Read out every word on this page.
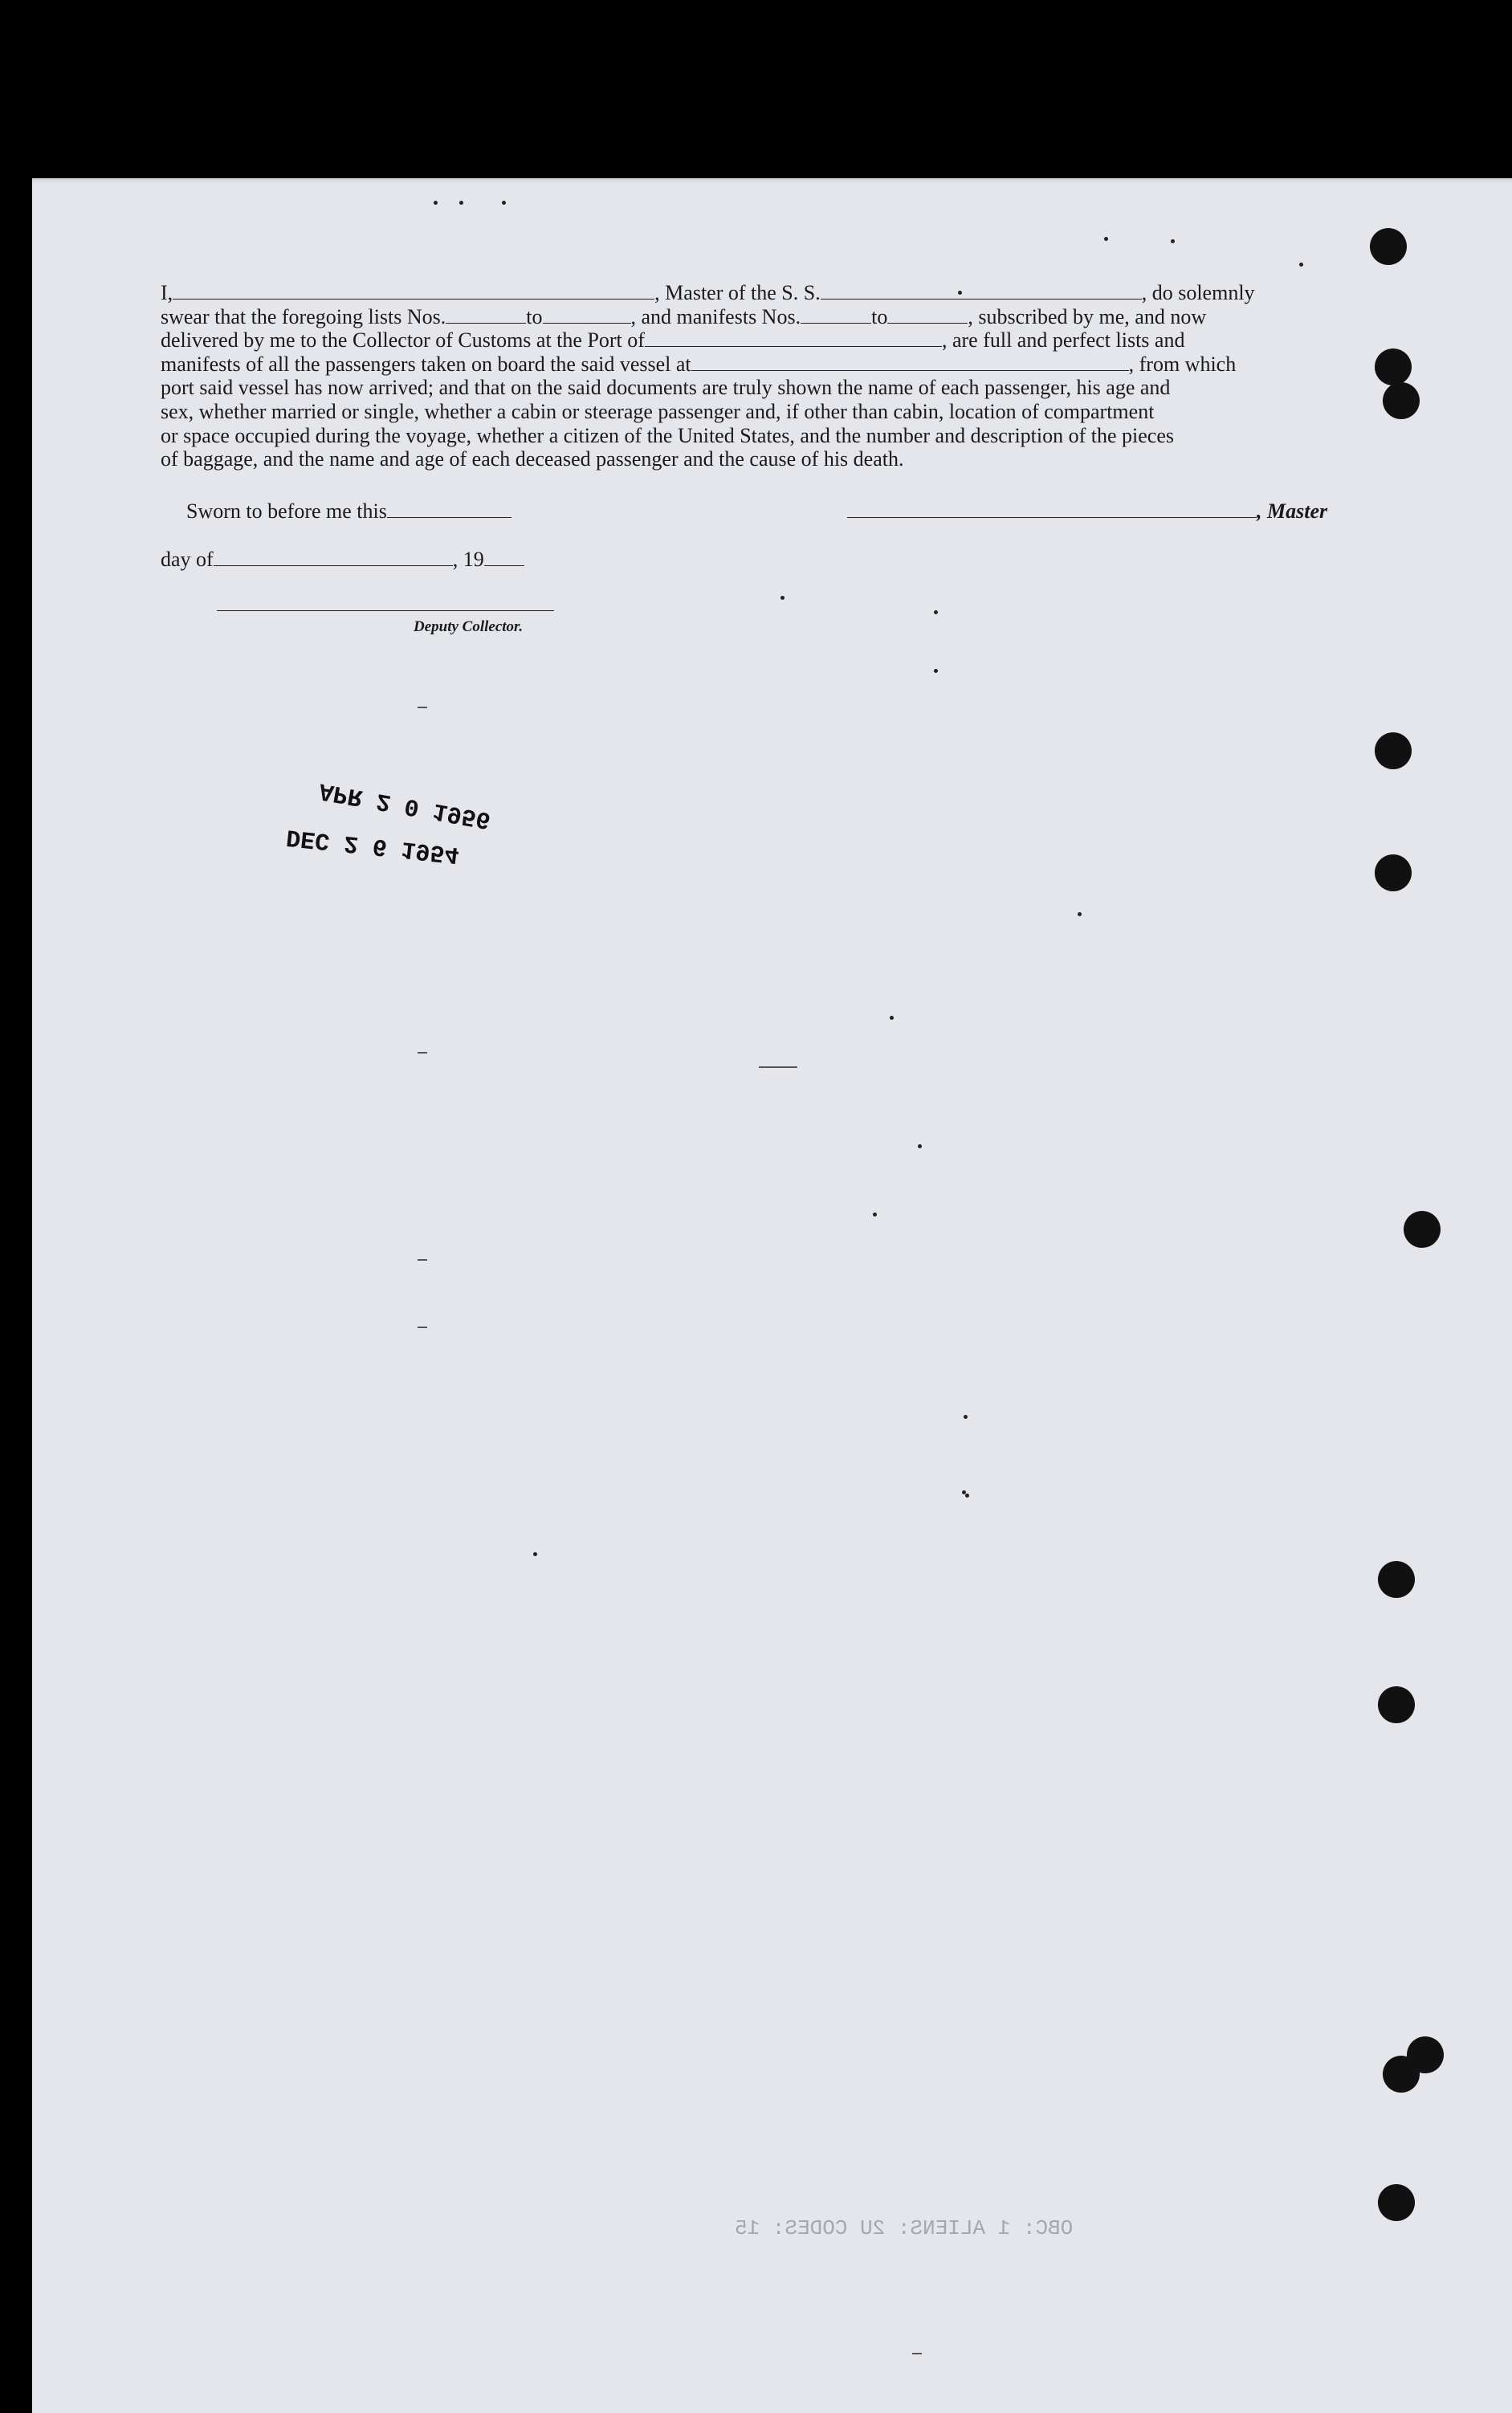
OBC: 1 ALIENS: 2U CODES: 15
I,	, Master of the S. S.	, do solemnly
swear that the foregoing lists Nos.	to	, and manifests Nos.	to	, subscribed by me, and now
delivered by me to the Collector of Customs at the Port of	, are full and perfect lists and
manifests of all the passengers taken on board the said vessel at	, from which
port said vessel has now arrived; and that on the said documents are truly shown the name of each passenger, his age and
sex, whether married or single, whether a cabin or steerage passenger and, if other than cabin, location of compartment
or space occupied during the voyage, whether a citizen of the United States, and the number and description of the pieces
of baggage, and the name and age of each deceased passenger and the cause of his death.
Sworn to before me this	, Master
day of	, 19
Deputy Collector.
APR 2 0 1956
DEC 2 6 1954
